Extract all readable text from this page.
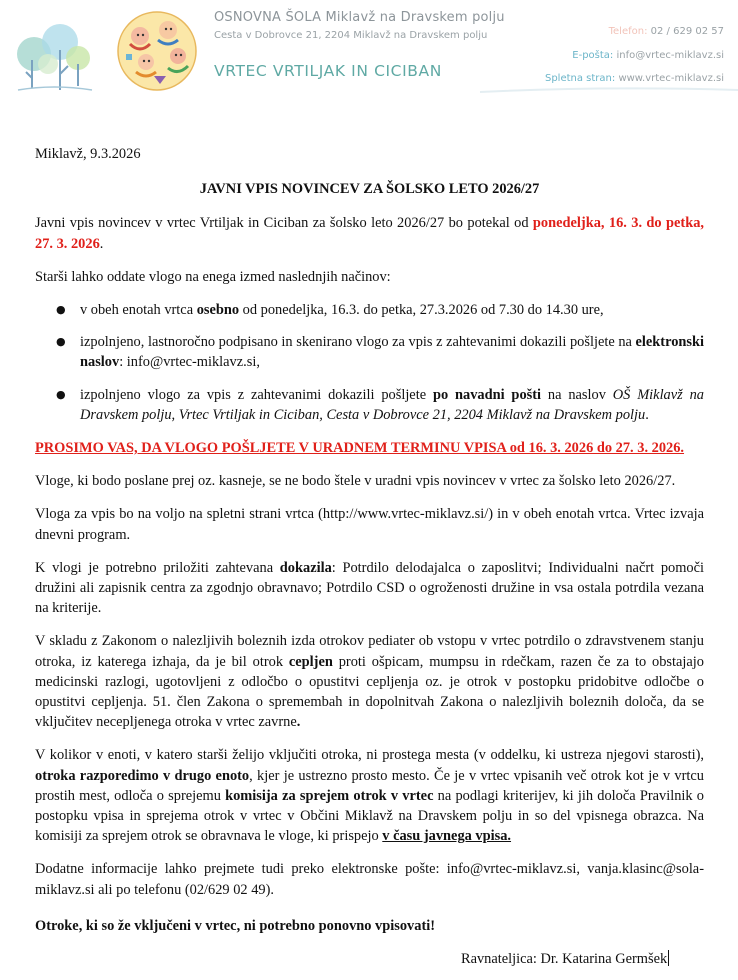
OSNOVNA ŠOLA Miklavž na Dravskem polju
Cesta v Dobrovce 21, 2204 Miklavž na Dravskem polju
VRTEC VRTILJAK IN CICIBAN
Telefon: 02 / 629 02 57
E-pošta: info@vrtec-miklavz.si
Spletna stran: www.vrtec-miklavz.si

Miklavž, 9.3.2026

JAVNI VPIS NOVINCEV ZA ŠOLSKO LETO 2026/27

Javni vpis novincev v vrtec Vrtiljak in Ciciban za šolsko leto 2026/27 bo potekal od ponedeljka, 16. 3. do petka, 27. 3. 2026.

Starši lahko oddate vlogo na enega izmed naslednjih načinov:

● v obeh enotah vrtca osebno od ponedeljka, 16.3. do petka, 27.3.2026 od 7.30 do 14.30 ure,
● izpolnjeno, lastnoročno podpisano in skenirano vlogo za vpis z zahtevanimi dokazili pošljete na elektronski naslov: info@vrtec-miklavz.si,
● izpolnjeno vlogo za vpis z zahtevanimi dokazili pošljete po navadni pošti na naslov OŠ Miklavž na Dravskem polju, Vrtec Vrtiljak in Ciciban, Cesta v Dobrovce 21, 2204 Miklavž na Dravskem polju.

PROSIMO VAS, DA VLOGO POŠLJETE V URADNEM TERMINU VPISA od 16. 3. 2026 do 27. 3. 2026.

Vloge, ki bodo poslane prej oz. kasneje, se ne bodo štele v uradni vpis novincev v vrtec za šolsko leto 2026/27.

Vloga za vpis bo na voljo na spletni strani vrtca (http://www.vrtec-miklavz.si/) in v obeh enotah vrtca. Vrtec izvaja dnevni program.

K vlogi je potrebno priložiti zahtevana dokazila: Potrdilo delodajalca o zaposlitvi; Individualni načrt pomoči družini ali zapisnik centra za zgodnjo obravnavo; Potrdilo CSD o ogroženosti družine in vsa ostala potrdila vezana na kriterije.

V skladu z Zakonom o nalezljivih boleznih izda otrokov pediater ob vstopu v vrtec potrdilo o zdravstvenem stanju otroka, iz katerega izhaja, da je bil otrok cepljen proti ošpicam, mumpsu in rdečkam, razen če za to obstajajo medicinski razlogi, ugotovljeni z odločbo o opustitvi cepljenja oz. je otrok v postopku pridobitve odločbe o opustitvi cepljenja. 51. člen Zakona o spremembah in dopolnitvah Zakona o nalezljivih boleznih določa, da se vključitev necepljenega otroka v vrtec zavrne.

V kolikor v enoti, v katero starši želijo vključiti otroka, ni prostega mesta (v oddelku, ki ustreza njegovi starosti), otroka razporedimo v drugo enoto, kjer je ustrezno prosto mesto. Če je v vrtec vpisanih več otrok kot je v vrtcu prostih mest, odloča o sprejemu komisija za sprejem otrok v vrtec na podlagi kriterijev, ki jih določa Pravilnik o postopku vpisa in sprejema otrok v vrtec v Občini Miklavž na Dravskem polju in so del vpisnega obrazca. Na komisiji za sprejem otrok se obravnava le vloge, ki prispejo v času javnega vpisa.

Dodatne informacije lahko prejmete tudi preko elektronske pošte: info@vrtec-miklavz.si, vanja.klasinc@sola-miklavz.si ali po telefonu (02/629 02 49).

Otroke, ki so že vključeni v vrtec, ni potrebno ponovno vpisovati!

Ravnateljica: Dr. Katarina Germšek
